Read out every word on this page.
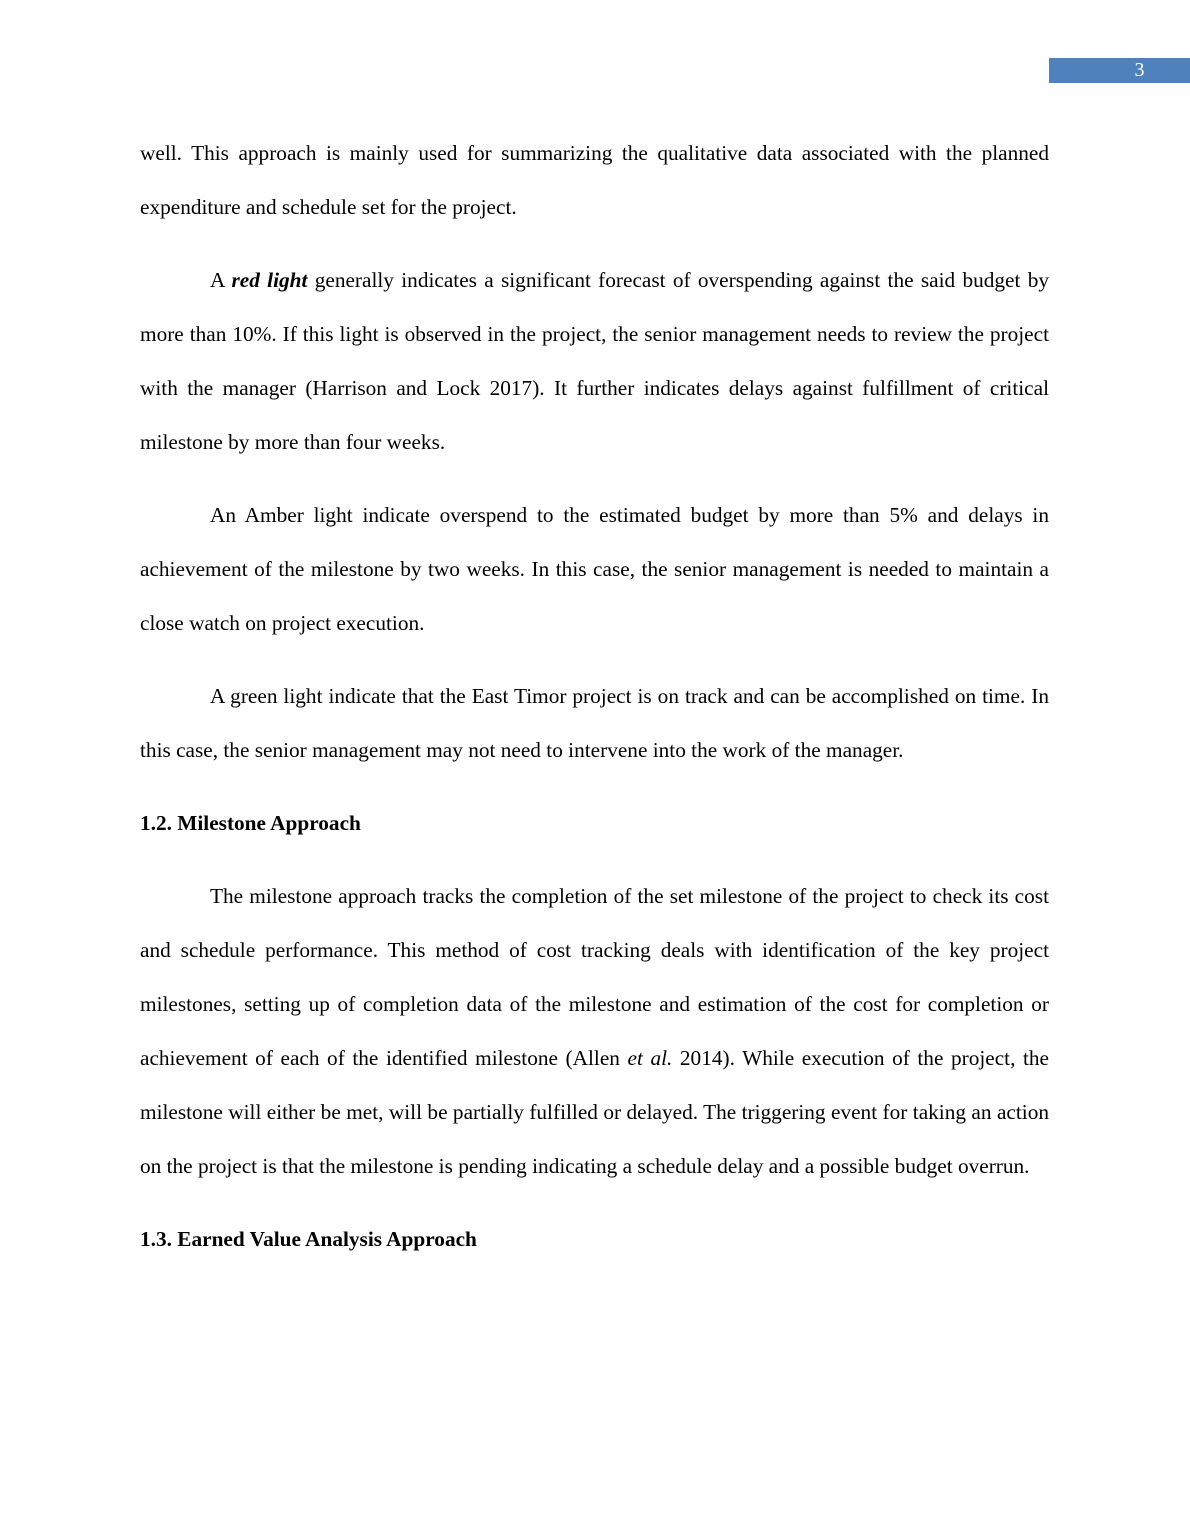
3

well. This approach is mainly used for summarizing the qualitative data associated with the planned expenditure and schedule set for the project.

A red light generally indicates a significant forecast of overspending against the said budget by more than 10%. If this light is observed in the project, the senior management needs to review the project with the manager (Harrison and Lock 2017). It further indicates delays against fulfillment of critical milestone by more than four weeks.

An Amber light indicate overspend to the estimated budget by more than 5% and delays in achievement of the milestone by two weeks. In this case, the senior management is needed to maintain a close watch on project execution.

A green light indicate that the East Timor project is on track and can be accomplished on time. In this case, the senior management may not need to intervene into the work of the manager.

1.2. Milestone Approach

The milestone approach tracks the completion of the set milestone of the project to check its cost and schedule performance. This method of cost tracking deals with identification of the key project milestones, setting up of completion data of the milestone and estimation of the cost for completion or achievement of each of the identified milestone (Allen et al. 2014). While execution of the project, the milestone will either be met, will be partially fulfilled or delayed. The triggering event for taking an action on the project is that the milestone is pending indicating a schedule delay and a possible budget overrun.

1.3. Earned Value Analysis Approach
